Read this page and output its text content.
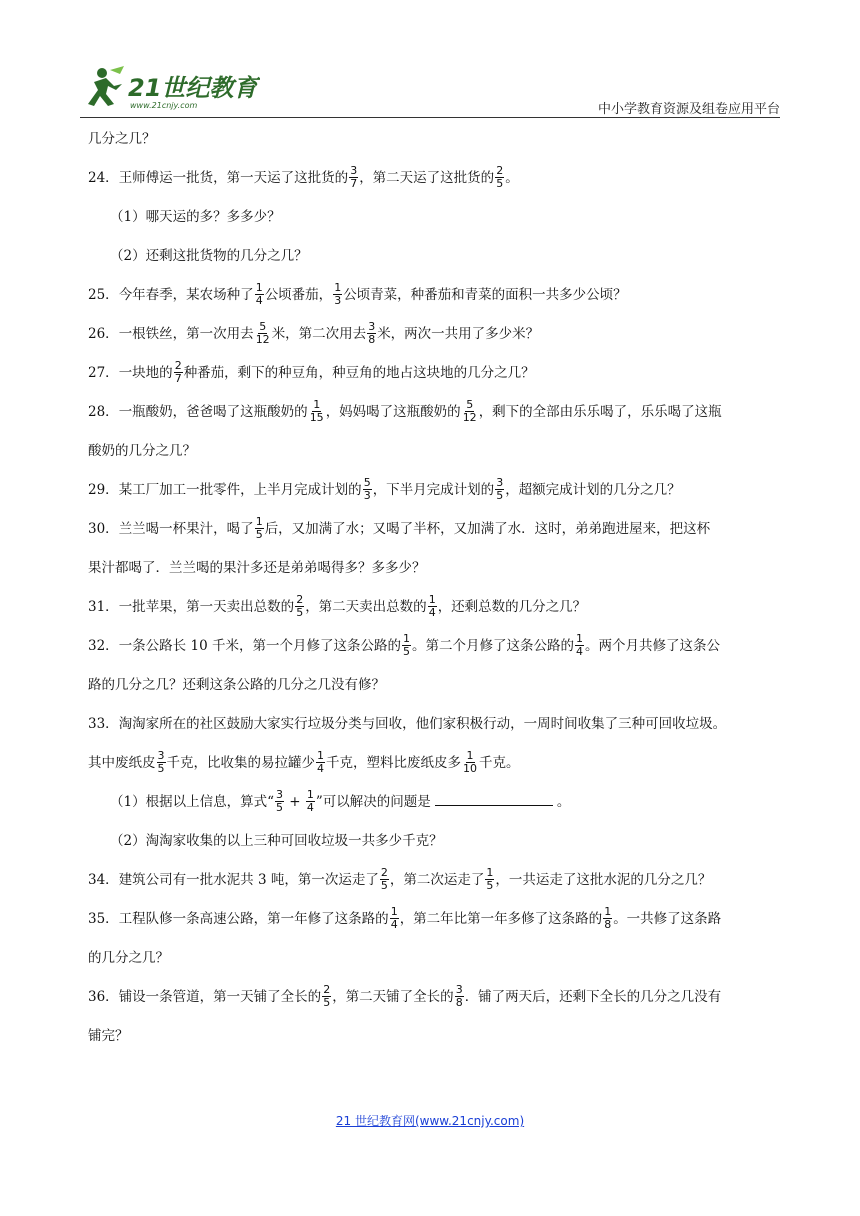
21世纪教育
www.21cnjy.com	中小学教育资源及组卷应用平台
几分之几？
24．王师傅运一批货，第一天运了这批货的 $\frac{3}{7}$ ，第二天运了这批货的 $\frac{2}{5}$ 。
（1）哪天运的多？多多少？
（2）还剩这批货物的几分之几？
25．今年春季，某农场种了 $\frac{1}{4}$ 公顷番茄， $\frac{1}{3}$ 公顷青菜，种番茄和青菜的面积一共多少公顷？
26．一根铁丝，第一次用去 $\frac{5}{12}$ 米，第二次用去 $\frac{3}{8}$ 米，两次一共用了多少米？
27．一块地的 $\frac{2}{7}$ 种番茄，剩下的种豆角，种豆角的地占这块地的几分之几？
28．一瓶酸奶，爸爸喝了这瓶酸奶的 $\frac{1}{15}$ ，妈妈喝了这瓶酸奶的 $\frac{5}{12}$ ，剩下的全部由乐乐喝了，乐乐喝了这瓶
酸奶的几分之几？
29．某工厂加工一批零件，上半月完成计划的 $\frac{5}{3}$ ，下半月完成计划的 $\frac{3}{5}$ ，超额完成计划的几分之几？
30．兰兰喝一杯果汁，喝了 $\frac{1}{5}$ 后，又加满了水；又喝了半杯，又加满了水．这时，弟弟跑进屋来，把这杯
果汁都喝了．兰兰喝的果汁多还是弟弟喝得多？多多少？
31．一批苹果，第一天卖出总数的 $\frac{2}{5}$ ，第二天卖出总数的 $\frac{1}{4}$ ，还剩总数的几分之几？
32．一条公路长 10 千米，第一个月修了这条公路的 $\frac{1}{5}$ 。第二个月修了这条公路的 $\frac{1}{4}$ 。两个月共修了这条公
路的几分之几？还剩这条公路的几分之几没有修？
33．淘淘家所在的社区鼓励大家实行垃圾分类与回收，他们家积极行动，一周时间收集了三种可回收垃圾。
其中废纸皮 $\frac{3}{5}$ 千克，比收集的易拉罐少 $\frac{1}{4}$ 千克，塑料比废纸皮多 $\frac{1}{10}$ 千克。
（1）根据以上信息，算式“ $\frac{3}{5} + \frac{1}{4}$ ”可以解决的问题是	。
（2）淘淘家收集的以上三种可回收垃圾一共多少千克？
34．建筑公司有一批水泥共 3 吨，第一次运走了 $\frac{2}{5}$ ，第二次运走了 $\frac{1}{5}$ ，一共运走了这批水泥的几分之几？
35．工程队修一条高速公路，第一年修了这条路的 $\frac{1}{4}$ ，第二年比第一年多修了这条路的 $\frac{1}{8}$ 。一共修了这条路
的几分之几？
36．铺设一条管道，第一天铺了全长的 $\frac{2}{5}$ ，第二天铺了全长的 $\frac{3}{8}$ ．铺了两天后，还剩下全长的几分之几没有
铺完？
21 世纪教育网(www.21cnjy.com)
